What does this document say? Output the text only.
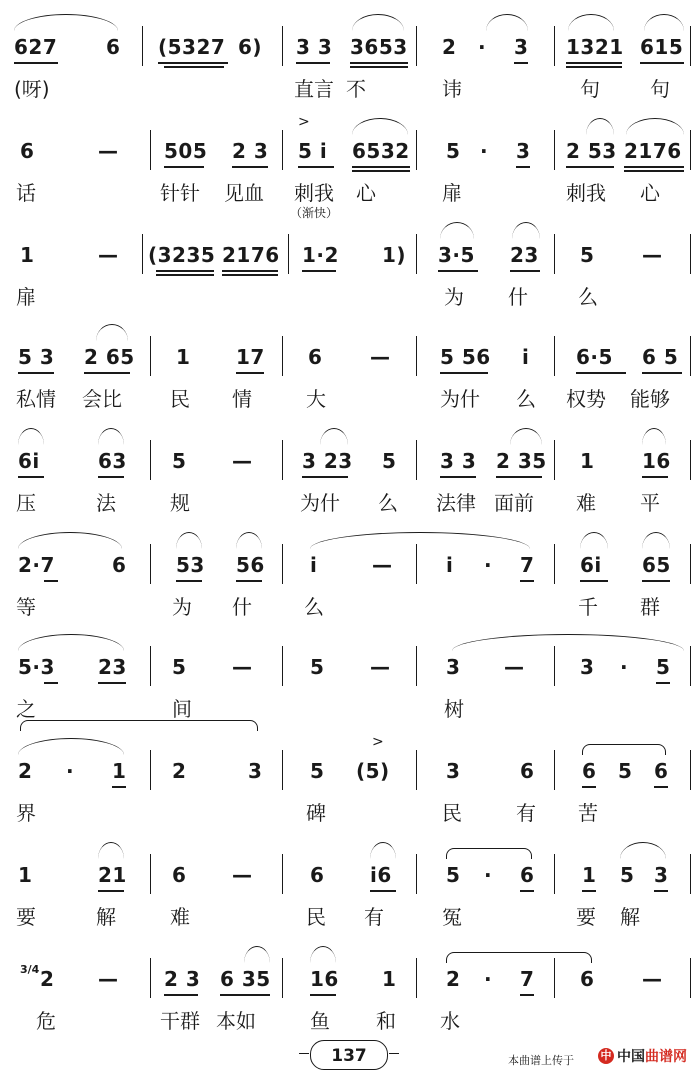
627 6 (5327 6) 3 3 3653 2 · 3 1321 615
(呀)	直言 不	讳	句	句
>
6	— 505 2 3 5 i 6532 5 · 3 2 53 2176
话	针针 见血 刺我 心	扉	刺我 心
（渐快）
1	— (3235 2176 1·2 1) 3·5 23 5 —
扉	为 什	么
5 3 2 65 1 17 6 — 5 56 i 6·5 6 5
私情 会比 民 情	大	为什 么 权势 能够
6i	63 5 — 3 23 5 3 3 2 35 1 16
压	法	规	为什 么 法律 面前 难 平
2·7	6 53 56 i	—	i · 7 6i 65
等	为 什	么	千 群
5·3 23 5 —	5 —	3 —	3 · 5
之	间	树
>
2 · 1 2	3 5 (5)	3	6 6 5 6
界	碑	民	有 苦
1	21 6 —	6 i6	5 · 6 1 5 3
要	解	难	民 有	冤	要 解
3/4 2 — 2 3 6 35 16 1 2 · 7 6 —
危	干群 本如	鱼 和 水
137	本曲谱上传于 中 中国曲谱网
